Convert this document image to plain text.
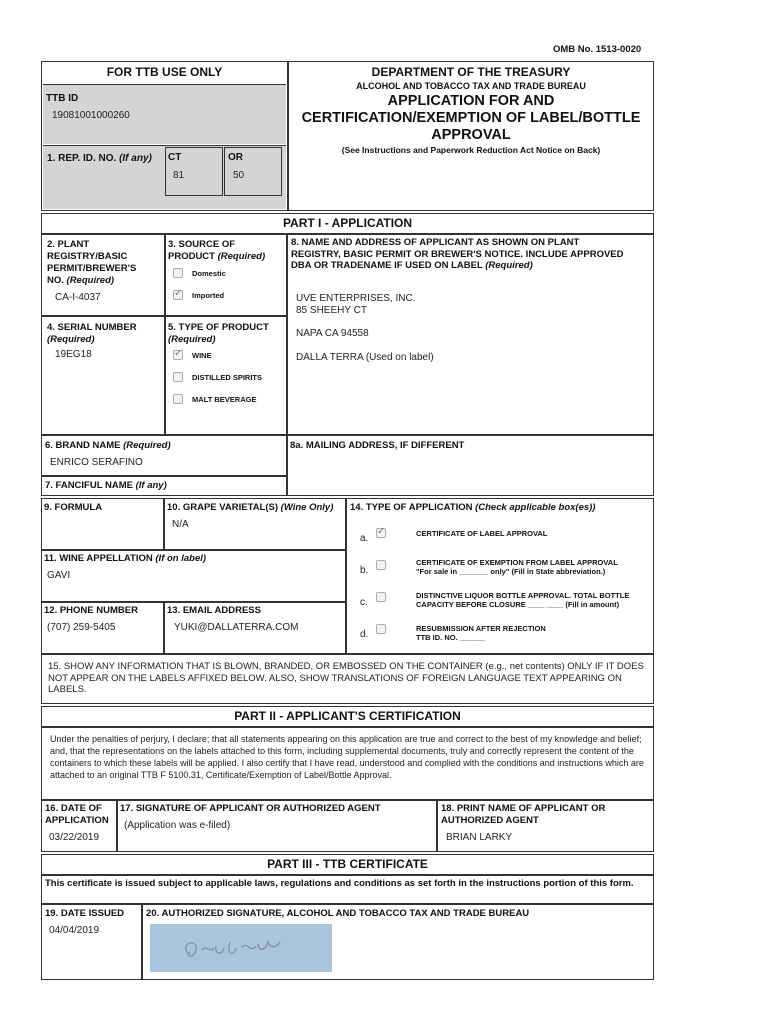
OMB No. 1513-0020
FOR TTB USE ONLY
TTB ID
19081001000260
1. REP. ID. NO. (If any) CT
81
OR
50
DEPARTMENT OF THE TREASURY
ALCOHOL AND TOBACCO TAX AND TRADE BUREAU
APPLICATION FOR AND
CERTIFICATION/EXEMPTION OF LABEL/BOTTLE
APPROVAL
(See Instructions and Paperwork Reduction Act Notice on Back)
PART I - APPLICATION
2. PLANT
REGISTRY/BASIC
PERMIT/BREWER'S
NO. (Required)
CA-I-4037
3. SOURCE OF
PRODUCT (Required)
Domestic
✓
Imported
8. NAME AND ADDRESS OF APPLICANT AS SHOWN ON PLANT
REGISTRY, BASIC PERMIT OR BREWER'S NOTICE. INCLUDE APPROVED
DBA OR TRADENAME IF USED ON LABEL (Required)
UVE ENTERPRISES, INC.
85 SHEEHY CT
NAPA CA 94558
DALLA TERRA (Used on label)
4. SERIAL NUMBER
(Required)
19EG18
5. TYPE OF PRODUCT
(Required)
✓
WINE
DISTILLED SPIRITS
MALT BEVERAGE
6. BRAND NAME (Required)
ENRICO SERAFINO
8a. MAILING ADDRESS, IF DIFFERENT
7. FANCIFUL NAME (If any)
9. FORMULA	10. GRAPE VARIETAL(S) (Wine Only)
N/A
11. WINE APPELLATION (If on label)
GAVI
12. PHONE NUMBER
(707) 259-5405
13. EMAIL ADDRESS
YUKI@DALLATERRA.COM
14. TYPE OF APPLICATION (Check applicable box(es))
a.
✓	CERTIFICATE OF LABEL APPROVAL
b.
CERTIFICATE OF EXEMPTION FROM LABEL APPROVAL
"For sale in _______ only" (Fill in State abbreviation.)
c.
DISTINCTIVE LIQUOR BOTTLE APPROVAL. TOTAL BOTTLE
CAPACITY BEFORE CLOSURE ____ ____ (Fill in amount)
d.
RESUBMISSION AFTER REJECTION
TTB ID. NO. ______
15. SHOW ANY INFORMATION THAT IS BLOWN, BRANDED, OR EMBOSSED ON THE CONTAINER (e.g., net contents) ONLY IF IT DOES NOT APPEAR ON THE LABELS AFFIXED BELOW. ALSO, SHOW TRANSLATIONS OF FOREIGN LANGUAGE TEXT APPEARING ON LABELS.
PART II - APPLICANT'S CERTIFICATION
Under the penalties of perjury, I declare; that all statements appearing on this application are true and correct to the best of my knowledge and belief; and, that the representations on the labels attached to this form, including supplemental documents, truly and correctly represent the content of the containers to which these labels will be applied. I also certify that I have read, understood and complied with the conditions and instructions which are attached to an original TTB F 5100.31, Certificate/Exemption of Label/Bottle Approval.
16. DATE OF
APPLICATION
03/22/2019
17. SIGNATURE OF APPLICANT OR AUTHORIZED AGENT
(Application was e-filed)
18. PRINT NAME OF APPLICANT OR
AUTHORIZED AGENT
BRIAN LARKY
PART III - TTB CERTIFICATE
This certificate is issued subject to applicable laws, regulations and conditions as set forth in the instructions portion of this form.
19. DATE ISSUED
04/04/2019
20. AUTHORIZED SIGNATURE, ALCOHOL AND TOBACCO TAX AND TRADE BUREAU
